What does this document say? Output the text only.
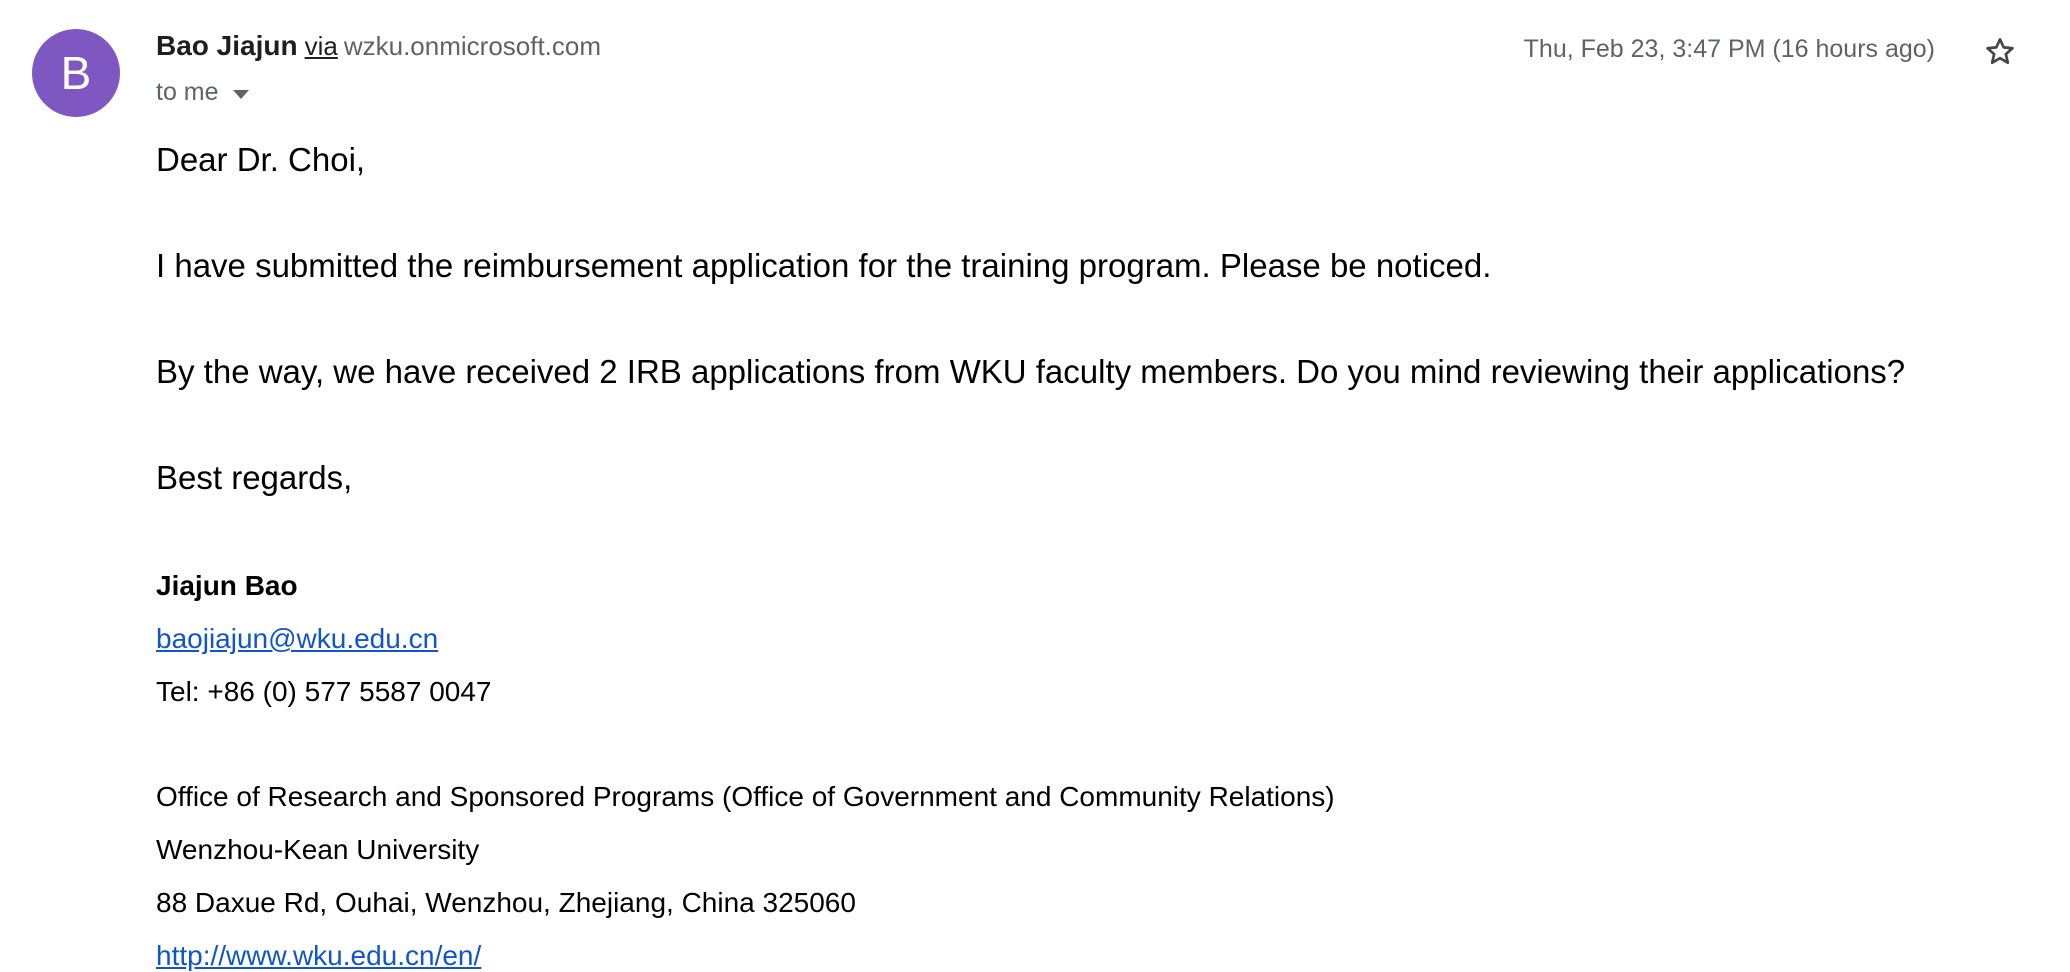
B
Bao Jiajun via wzku.onmicrosoft.com
to me
Thu, Feb 23, 3:47 PM (16 hours ago)
Dear Dr. Choi,
I have submitted the reimbursement application for the training program. Please be noticed.
By the way, we have received 2 IRB applications from WKU faculty members. Do you mind reviewing their applications?
Best regards,
Jiajun Bao
baojiajun@wku.edu.cn
Tel: +86 (0) 577 5587 0047
Office of Research and Sponsored Programs (Office of Government and Community Relations)
Wenzhou-Kean University
88 Daxue Rd, Ouhai, Wenzhou, Zhejiang, China 325060
http://www.wku.edu.cn/en/
